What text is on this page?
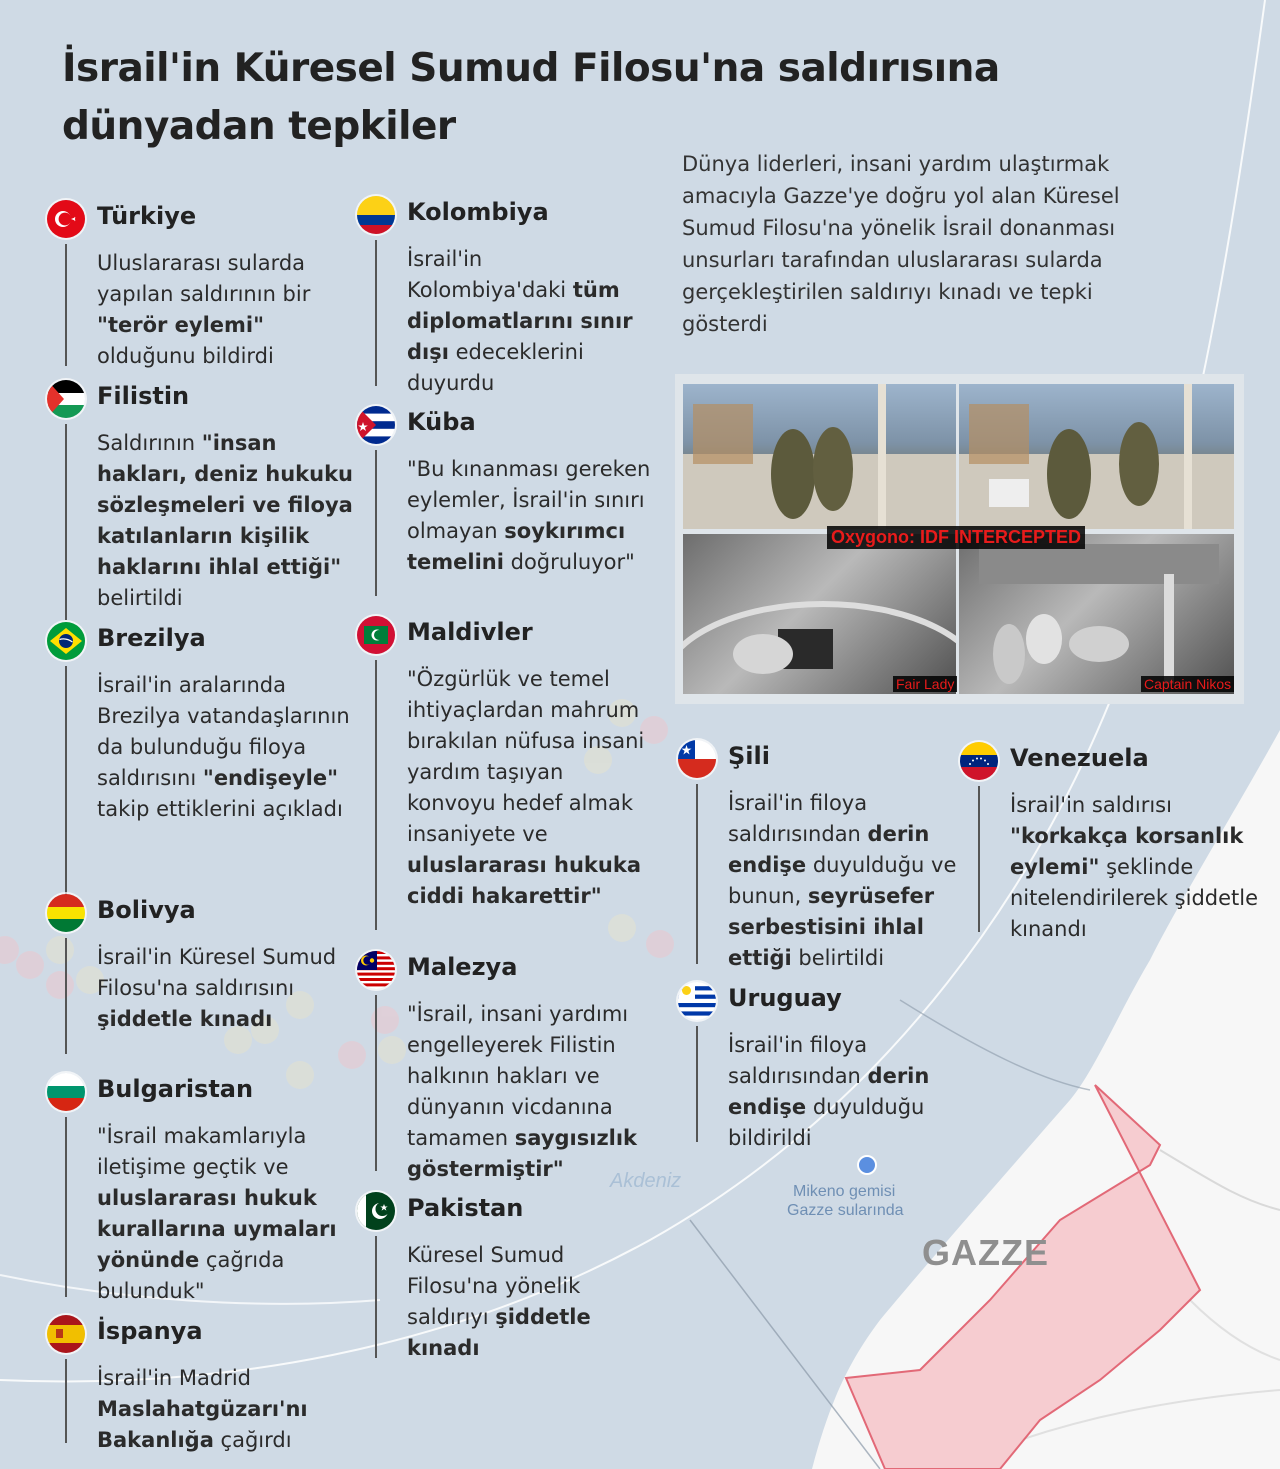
Akdeniz	Mikeno gemisi
Gazze sularında
GAZZE
İsrail'in Küresel Sumud Filosu'na saldırısına
dünyadan tepkiler
Dünya liderleri, insani yardım ulaştırmak amacıyla Gazze'ye doğru yol alan Küresel Sumud Filosu'na yönelik İsrail donanması unsurları tarafından uluslararası sularda gerçekleştirilen saldırıyı kınadı ve tepki gösterdi
Oxygono: IDF INTERCEPTED
Fair Lady	Captain Nikos
Türkiye
Uluslararası sularda yapılan saldırının bir "terör eylemi" olduğunu bildirdi
Filistin
Saldırının "insan hakları, deniz hukuku sözleşmeleri ve filoya katılanların kişilik haklarını ihlal ettiği" belirtildi
Brezilya
İsrail'in aralarında Brezilya vatandaşlarının da bulunduğu filoya saldırısını "endişeyle" takip ettiklerini açıkladı
Bolivya
İsrail'in Küresel Sumud Filosu'na saldırısını şiddetle kınadı
Bulgaristan
"İsrail makamlarıyla iletişime geçtik ve uluslararası hukuk kurallarına uymaları yönünde çağrıda bulunduk"
İspanya
İsrail'in Madrid Maslahatgüzarı'nı Bakanlığa çağırdı
Kolombiya
İsrail'in Kolombiya'daki tüm diplomatlarını sınır dışı edeceklerini duyurdu
Küba
"Bu kınanması gereken eylemler, İsrail'in sınırı olmayan soykırımcı temelini doğruluyor"
Maldivler
"Özgürlük ve temel ihtiyaçlardan mahrum bırakılan nüfusa insani yardım taşıyan konvoyu hedef almak insaniyete ve uluslararası hukuka ciddi hakarettir"
Malezya
"İsrail, insani yardımı engelleyerek Filistin halkının hakları ve dünyanın vicdanına tamamen saygısızlık göstermiştir"
Pakistan
Küresel Sumud Filosu'na yönelik saldırıyı şiddetle kınadı
Şili
İsrail'in filoya saldırısından derin endişe duyulduğu ve bunun, seyrüsefer serbestisini ihlal ettiği belirtildi
Uruguay
İsrail'in filoya saldırısından derin endişe duyulduğu bildirildi
Venezuela
İsrail'in saldırısı "korkakça korsanlık eylemi" şeklinde nitelendirilerek şiddetle kınandı
